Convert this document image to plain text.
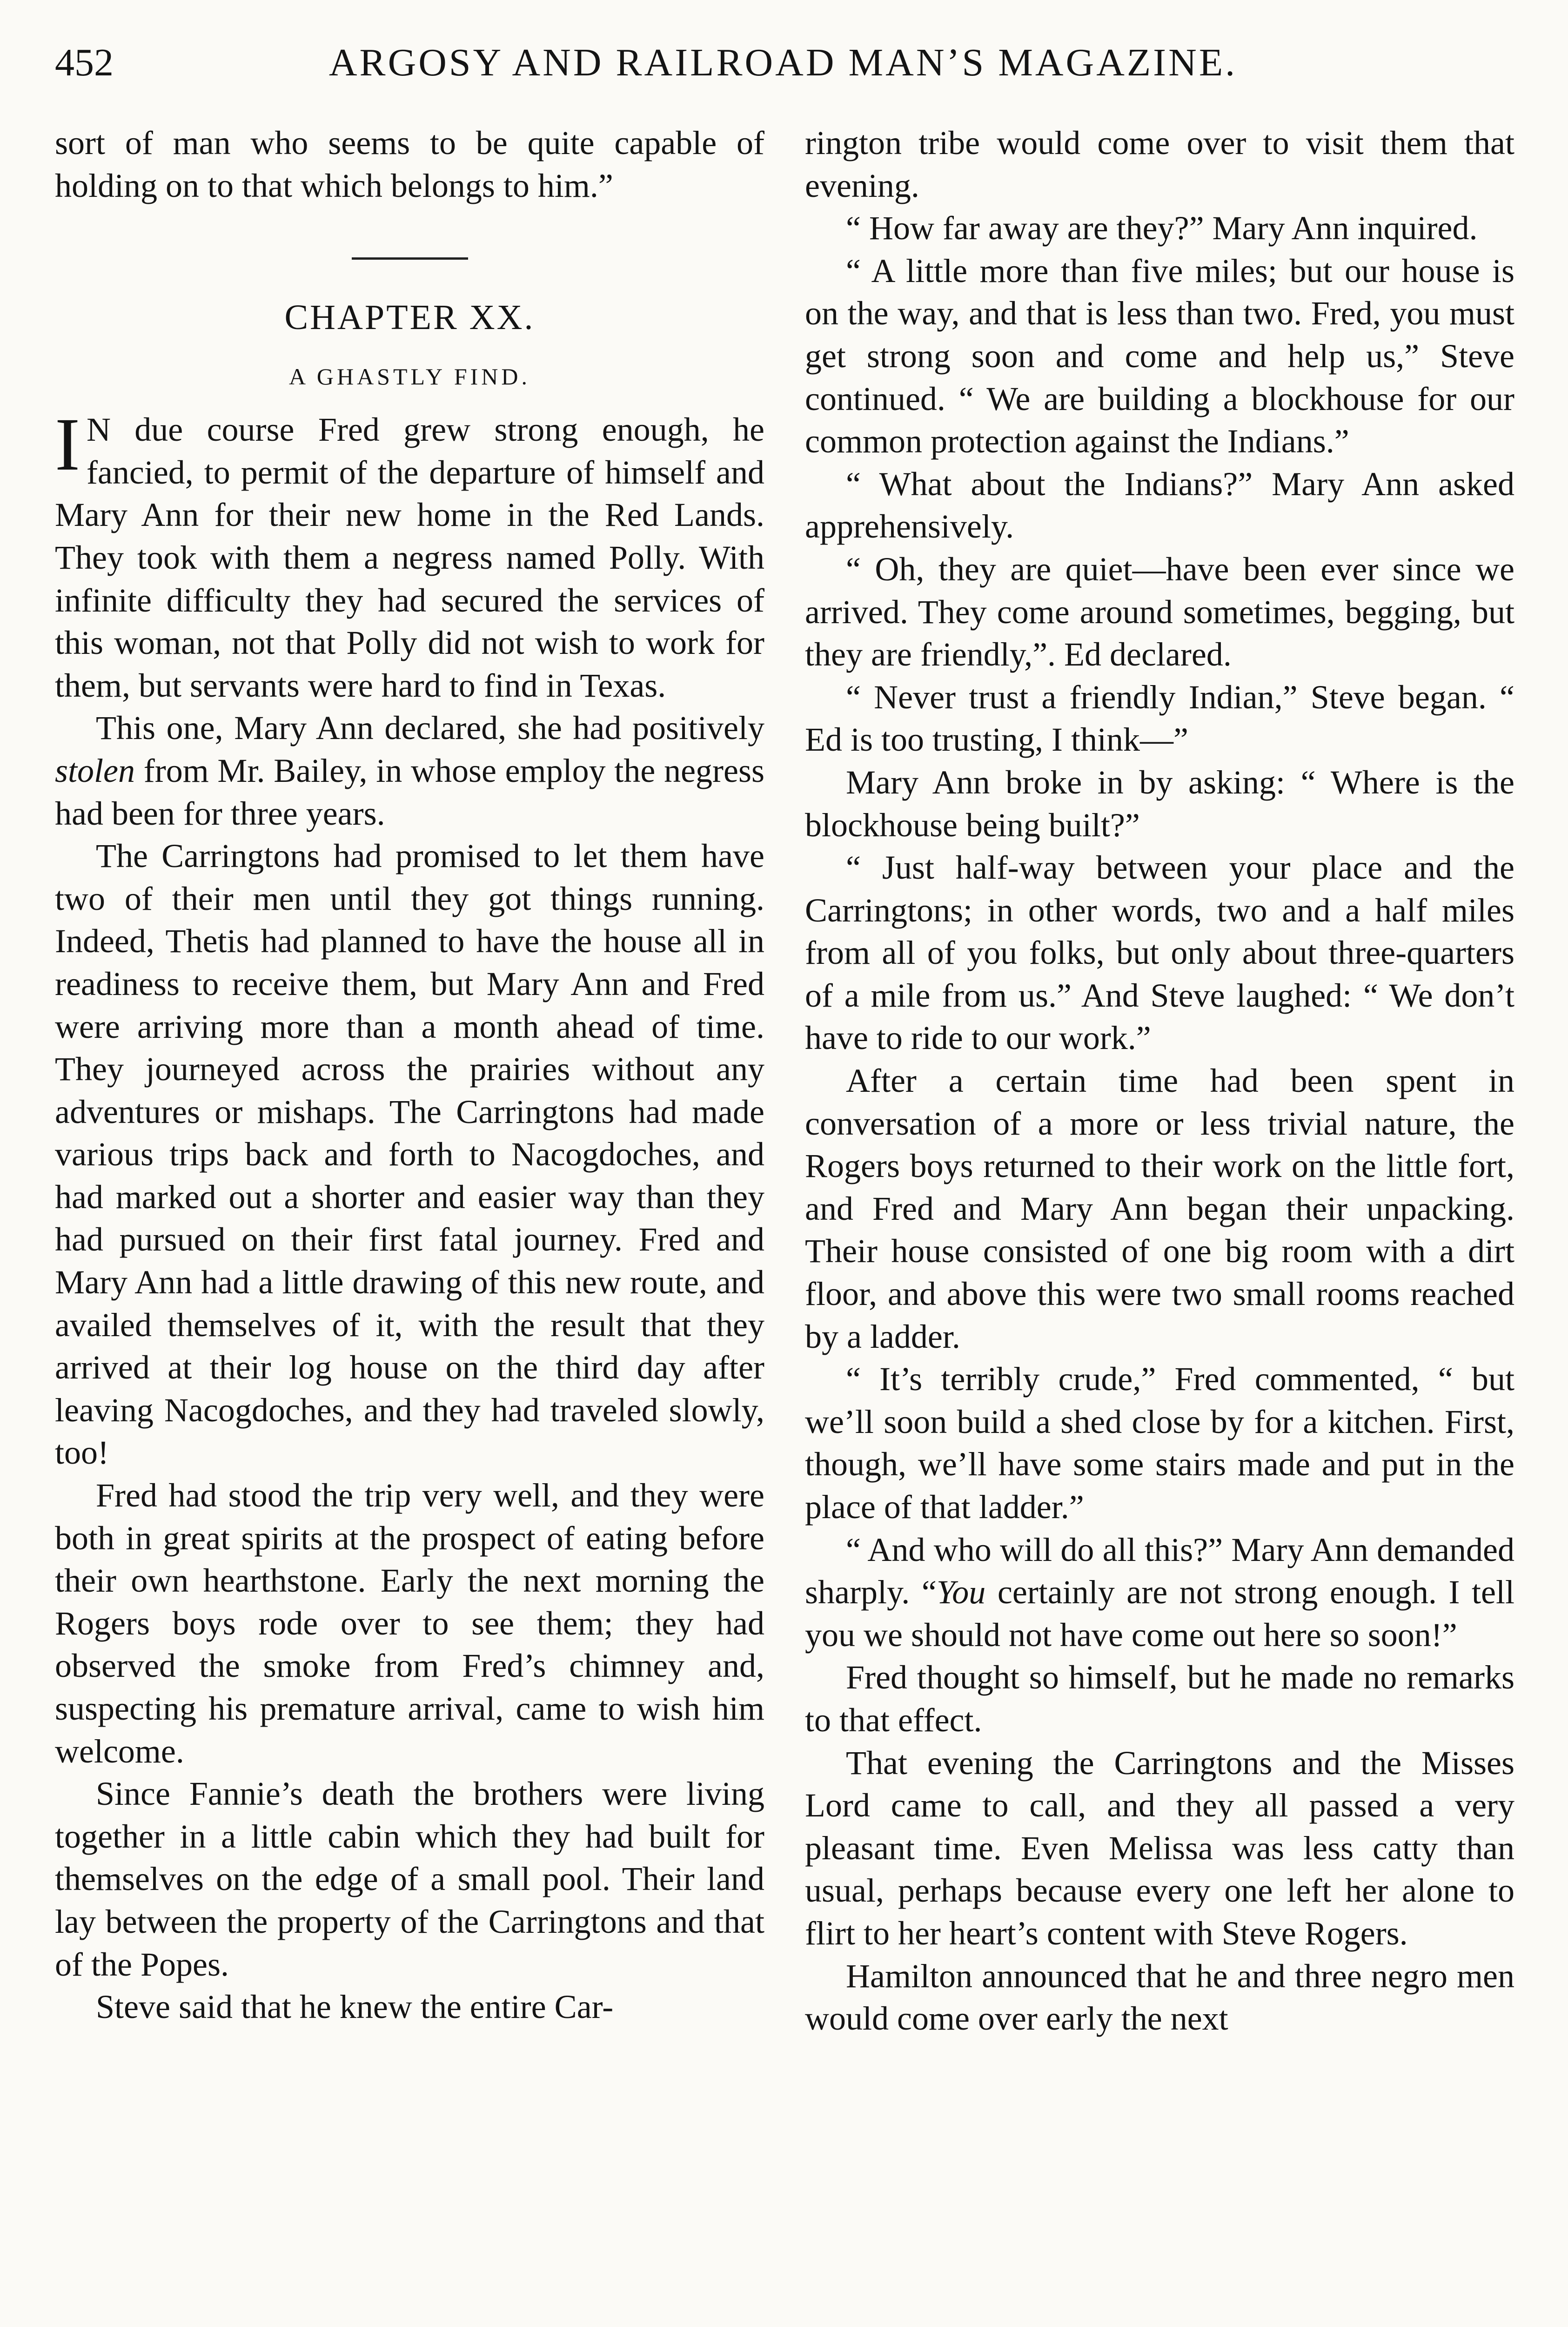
452	ARGOSY AND RAILROAD MAN’S MAGAZINE.

sort of man who seems to be quite capable of holding on to that which belongs to him.”

CHAPTER XX.

A GHASTLY FIND.

I N due course Fred grew strong enough, he fancied, to permit of the departure of himself and Mary Ann for their new home in the Red Lands. They took with them a negress named Polly. With infinite difficulty they had secured the services of this woman, not that Polly did not wish to work for them, but servants were hard to find in Texas.

This one, Mary Ann declared, she had positively stolen from Mr. Bailey, in whose employ the negress had been for three years.

The Carringtons had promised to let them have two of their men until they got things running. Indeed, Thetis had planned to have the house all in readiness to receive them, but Mary Ann and Fred were arriving more than a month ahead of time. They journeyed across the prairies without any adventures or mishaps. The Carringtons had made various trips back and forth to Nacogdoches, and had marked out a shorter and easier way than they had pursued on their first fatal journey. Fred and Mary Ann had a little drawing of this new route, and availed themselves of it, with the result that they arrived at their log house on the third day after leaving Nacogdoches, and they had traveled slowly, too!

Fred had stood the trip very well, and they were both in great spirits at the prospect of eating before their own hearthstone. Early the next morning the Rogers boys rode over to see them; they had observed the smoke from Fred’s chimney and, suspecting his premature arrival, came to wish him welcome.

Since Fannie’s death the brothers were living together in a little cabin which they had built for themselves on the edge of a small pool. Their land lay between the property of the Carringtons and that of the Popes.

Steve said that he knew the entire Car-

rington tribe would come over to visit them that evening.

“ How far away are they?” Mary Ann inquired.

“ A little more than five miles; but our house is on the way, and that is less than two. Fred, you must get strong soon and come and help us,” Steve continued. “ We are building a blockhouse for our common protection against the Indians.”

“ What about the Indians?” Mary Ann asked apprehensively.

“ Oh, they are quiet—have been ever since we arrived. They come around sometimes, begging, but they are friendly,”. Ed declared.

“ Never trust a friendly Indian,” Steve began. “ Ed is too trusting, I think—”

Mary Ann broke in by asking: “ Where is the blockhouse being built?”

“ Just half-way between your place and the Carringtons; in other words, two and a half miles from all of you folks, but only about three-quarters of a mile from us.” And Steve laughed: “ We don’t have to ride to our work.”

After a certain time had been spent in conversation of a more or less trivial nature, the Rogers boys returned to their work on the little fort, and Fred and Mary Ann began their unpacking. Their house consisted of one big room with a dirt floor, and above this were two small rooms reached by a ladder.

“ It’s terribly crude,” Fred commented, “ but we’ll soon build a shed close by for a kitchen. First, though, we’ll have some stairs made and put in the place of that ladder.”

“ And who will do all this?” Mary Ann demanded sharply. “You certainly are not strong enough. I tell you we should not have come out here so soon!”

Fred thought so himself, but he made no remarks to that effect.

That evening the Carringtons and the Misses Lord came to call, and they all passed a very pleasant time. Even Melissa was less catty than usual, perhaps because every one left her alone to flirt to her heart’s content with Steve Rogers.

Hamilton announced that he and three negro men would come over early the next
